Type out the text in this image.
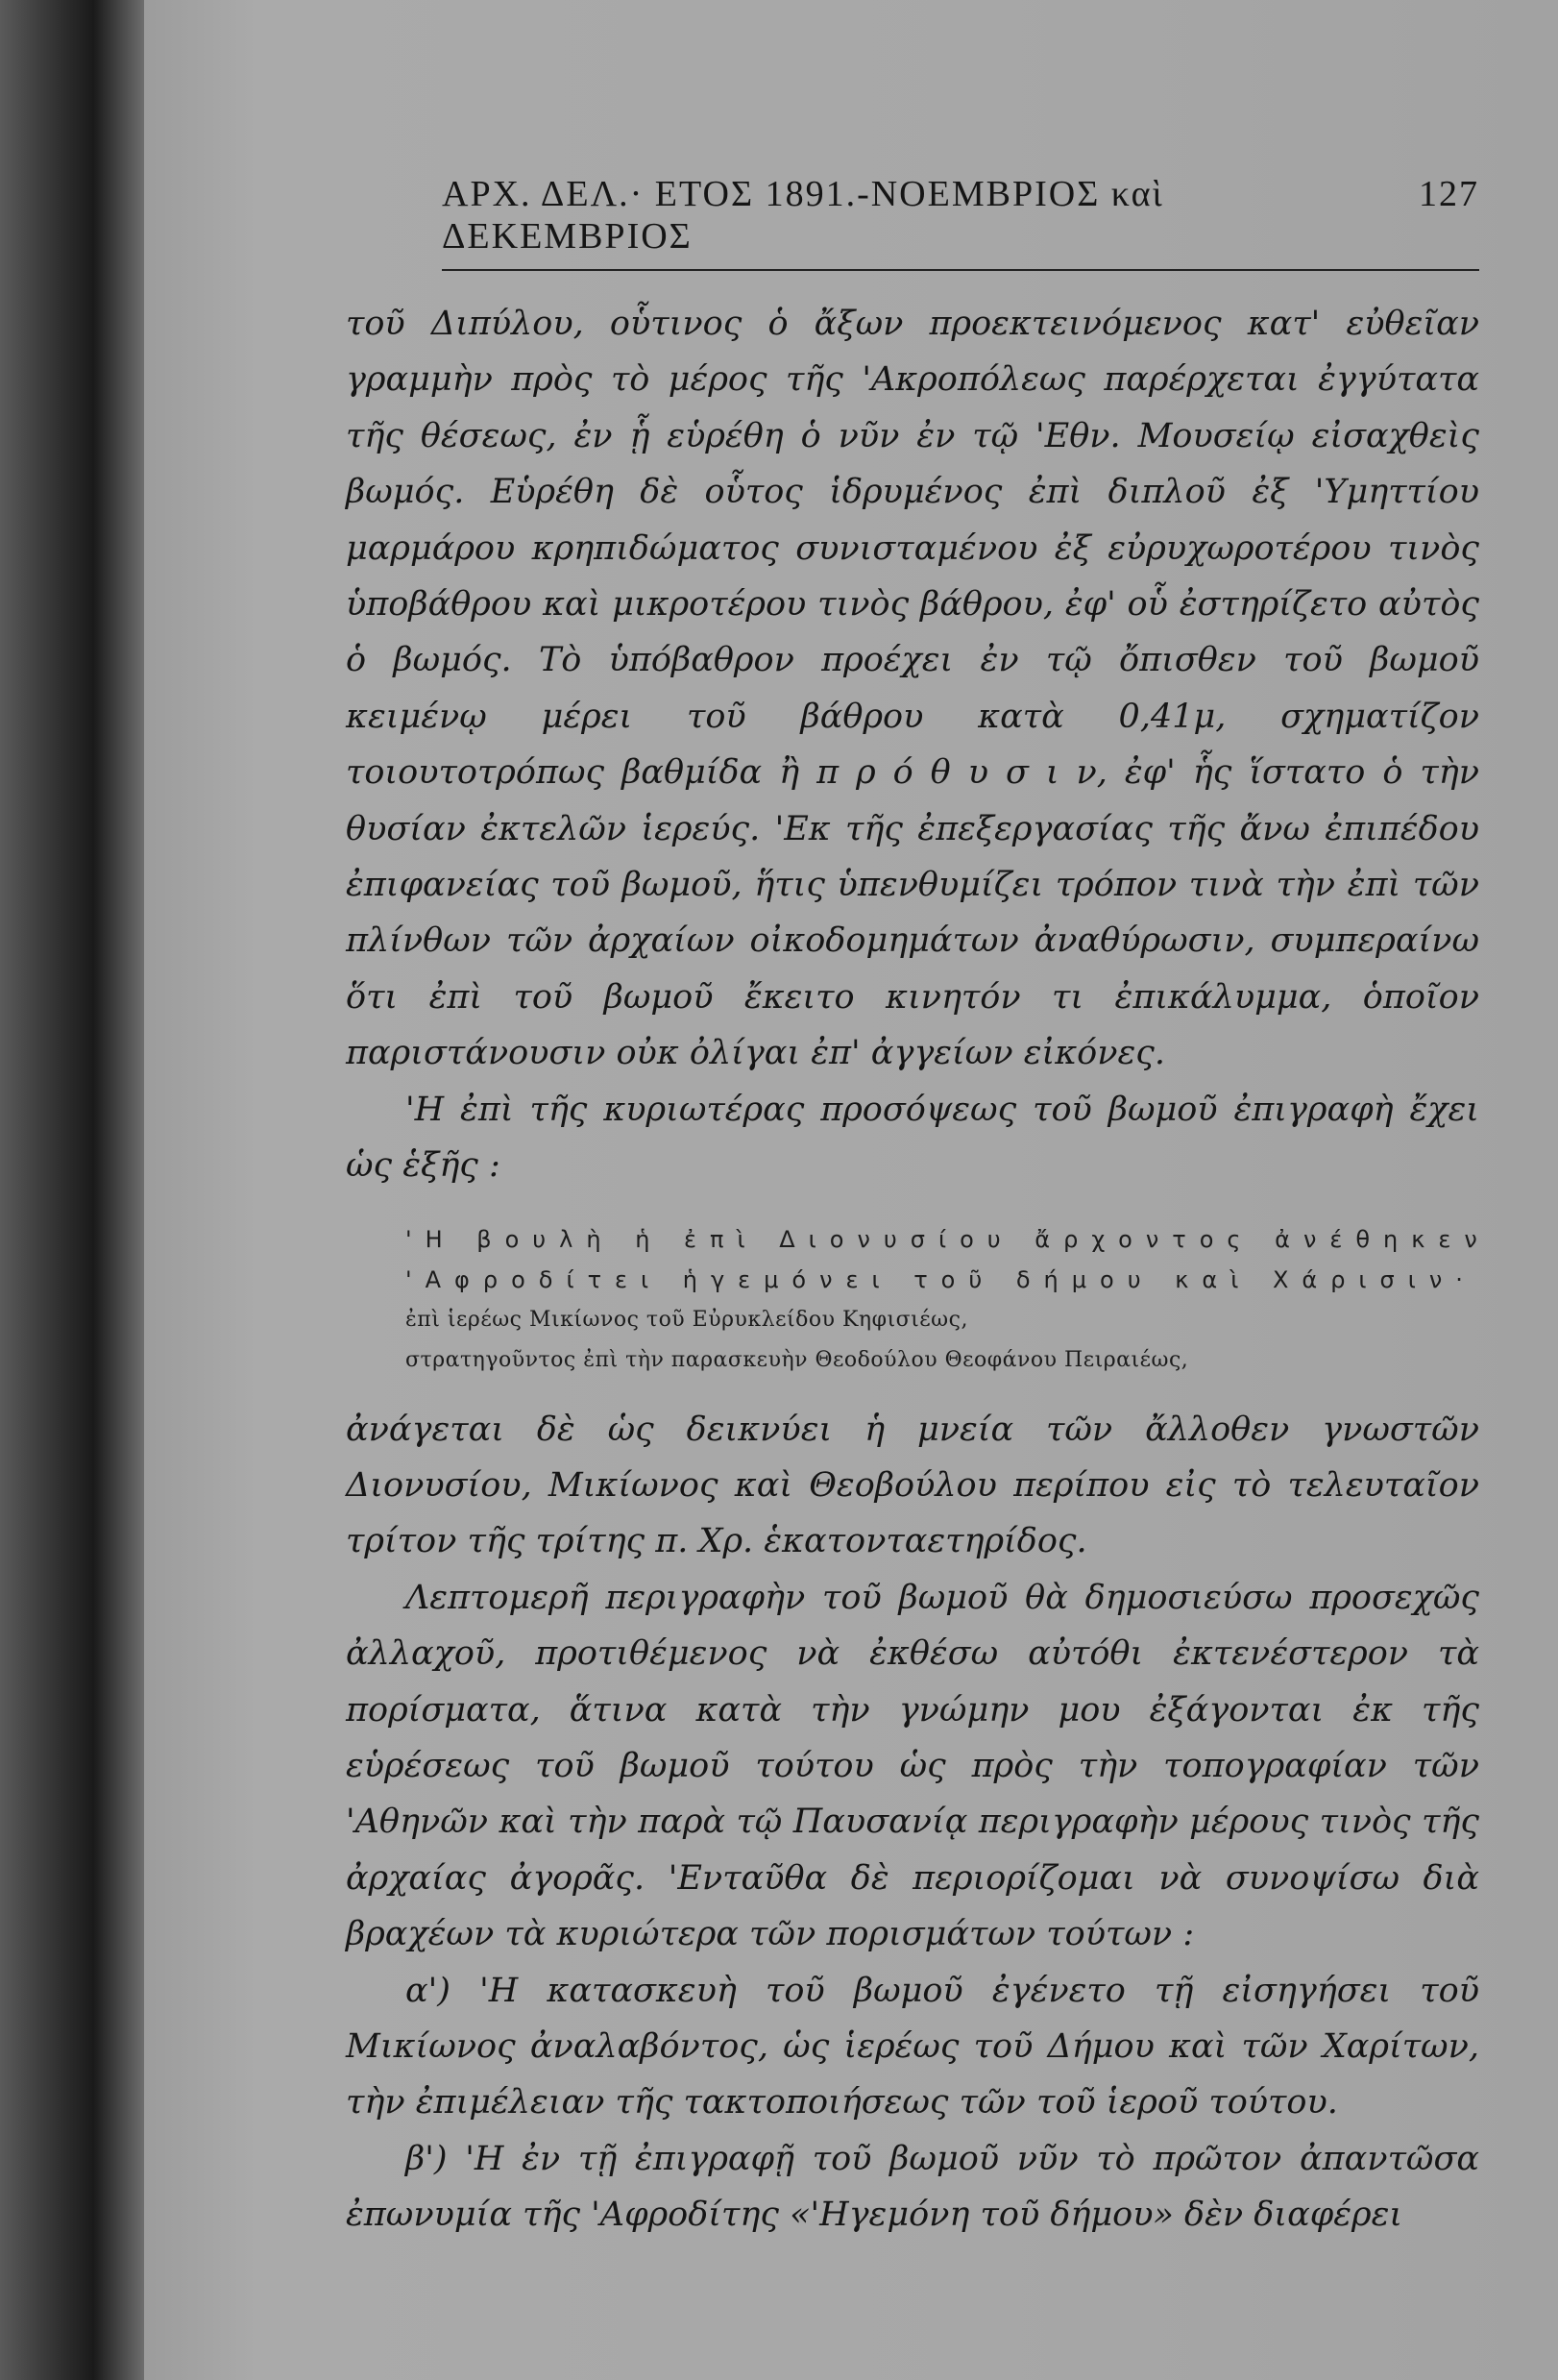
ΑΡΧ. ΔΕΛ.· ΕΤΟΣ 1891.-ΝΟΕΜΒΡΙΟΣ καὶ ΔΕΚΕΜΒΡΙΟΣ
127

τοῦ Διπύλου, οὗτινος ὁ ἄξων προεκτεινόμενος κατ' εὐθεῖαν γραμμὴν πρὸς τὸ μέρος τῆς 'Ακροπόλεως παρέρχεται ἐγγύτατα τῆς θέσεως, ἐν ᾗ εὑρέθη ὁ νῦν ἐν τῷ 'Εθν. Μουσείῳ εἰσαχθεὶς βωμός. Εὑρέθη δὲ οὗτος ἱδρυμένος ἐπὶ διπλοῦ ἐξ 'Υμηττίου μαρμάρου κρηπιδώματος συνισταμένου ἐξ εὐρυχωροτέρου τινὸς ὑποβάθρου καὶ μικροτέρου τινὸς βάθρου, ἐφ' οὗ ἐστηρίζετο αὐτὸς ὁ βωμός. Τὸ ὑπόβαθρον προέχει ἐν τῷ ὄπισθεν τοῦ βωμοῦ κειμένῳ μέρει τοῦ βάθρου κατὰ 0,41μ, σχηματίζον τοιουτοτρόπως βαθμίδα ἢ π ρ ό θ υ σ ι ν, ἐφ' ἧς ἵστατο ὁ τὴν θυσίαν ἐκτελῶν ἱερεύς. 'Εκ τῆς ἐπεξεργασίας τῆς ἄνω ἐπιπέδου ἐπιφανείας τοῦ βωμοῦ, ἥτις ὑπενθυμίζει τρόπον τινὰ τὴν ἐπὶ τῶν πλίνθων τῶν ἀρχαίων οἰκοδομημάτων ἀναθύρωσιν, συμπεραίνω ὅτι ἐπὶ τοῦ βωμοῦ ἔκειτο κινητόν τι ἐπικάλυμμα, ὁποῖον παριστάνουσιν οὐκ ὀλίγαι ἐπ' ἀγγείων εἰκόνες.

'Η ἐπὶ τῆς κυριωτέρας προσόψεως τοῦ βωμοῦ ἐπιγραφὴ ἔχει ὡς ἑξῆς :

'Η βουλὴ ἡ ἐπὶ Διονυσίου ἄρχοντος ἀνέθηκεν
'Αφροδίτει ἡγεμόνει τοῦ δήμου καὶ Χάρισιν·
ἐπὶ ἱερέως Μικίωνος τοῦ Εὐρυκλείδου Κηφισιέως,
στρατηγοῦντος ἐπὶ τὴν παρασκευὴν Θεοδούλου Θεοφάνου Πειραιέως,

ἀνάγεται δὲ ὡς δεικνύει ἡ μνεία τῶν ἄλλοθεν γνωστῶν Διονυσίου, Μικίωνος καὶ Θεοβούλου περίπου εἰς τὸ τελευταῖον τρίτον τῆς τρίτης π. Χρ. ἑκατονταετηρίδος.

Λεπτομερῆ περιγραφὴν τοῦ βωμοῦ θὰ δημοσιεύσω προσεχῶς ἀλλαχοῦ, προτιθέμενος νὰ ἐκθέσω αὐτόθι ἐκτενέστερον τὰ πορίσματα, ἅτινα κατὰ τὴν γνώμην μου ἐξάγονται ἐκ τῆς εὑρέσεως τοῦ βωμοῦ τούτου ὡς πρὸς τὴν τοπογραφίαν τῶν 'Αθηνῶν καὶ τὴν παρὰ τῷ Παυσανίᾳ περιγραφὴν μέρους τινὸς τῆς ἀρχαίας ἀγορᾶς. 'Ενταῦθα δὲ περιορίζομαι νὰ συνοψίσω διὰ βραχέων τὰ κυριώτερα τῶν πορισμάτων τούτων :

α') 'Η κατασκευὴ τοῦ βωμοῦ ἐγένετο τῇ εἰσηγήσει τοῦ Μικίωνος ἀναλαβόντος, ὡς ἱερέως τοῦ Δήμου καὶ τῶν Χαρίτων, τὴν ἐπιμέλειαν τῆς τακτοποιήσεως τῶν τοῦ ἱεροῦ τούτου.

β') 'Η ἐν τῇ ἐπιγραφῇ τοῦ βωμοῦ νῦν τὸ πρῶτον ἀπαντῶσα ἐπωνυμία τῆς 'Αφροδίτης «'Ηγεμόνη τοῦ δήμου» δὲν διαφέρει
